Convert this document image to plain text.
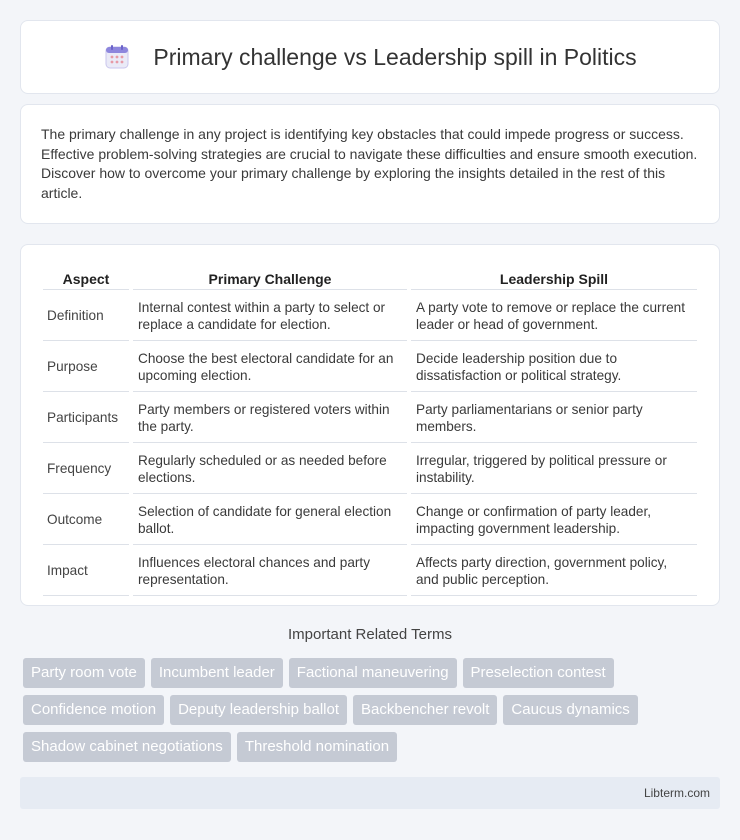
Primary challenge vs Leadership spill in Politics

The primary challenge in any project is identifying key obstacles that could impede progress or success. Effective problem-solving strategies are crucial to navigate these difficulties and ensure smooth execution. Discover how to overcome your primary challenge by exploring the insights detailed in the rest of this article.

Aspect	Primary Challenge	Leadership Spill
Definition	Internal contest within a party to select or replace a candidate for election.	A party vote to remove or replace the current leader or head of government.
Purpose	Choose the best electoral candidate for an upcoming election.	Decide leadership position due to dissatisfaction or political strategy.
Participants	Party members or registered voters within the party.	Party parliamentarians or senior party members.
Frequency	Regularly scheduled or as needed before elections.	Irregular, triggered by political pressure or instability.
Outcome	Selection of candidate for general election ballot.	Change or confirmation of party leader, impacting government leadership.
Impact	Influences electoral chances and party representation.	Affects party direction, government policy, and public perception.
Important Related Terms
Party room vote	Incumbent leader	Factional maneuvering	Preselection contest
Confidence motion	Deputy leadership ballot	Backbencher revolt	Caucus dynamics
Shadow cabinet negotiations	Threshold nomination
Libterm.com
